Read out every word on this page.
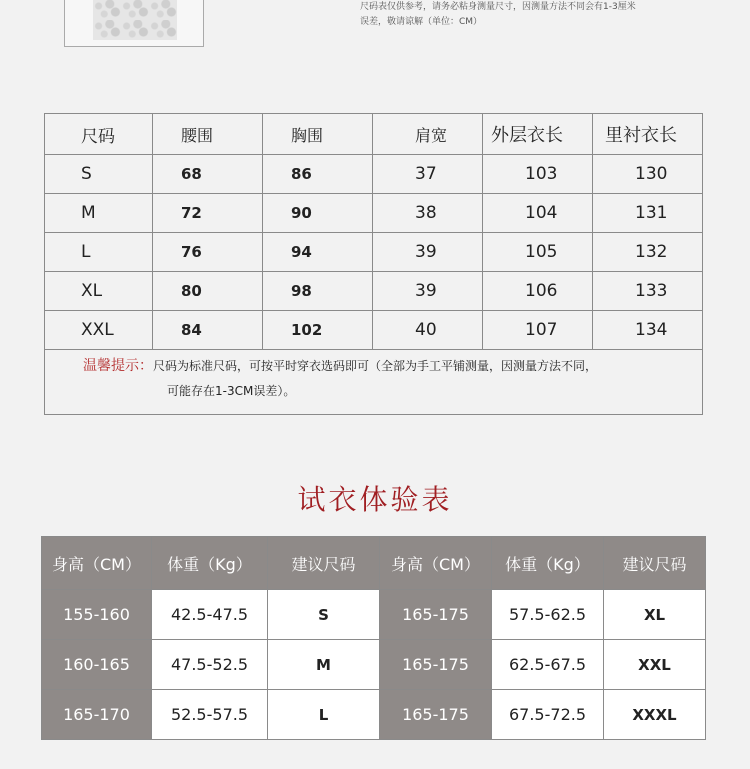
尺码表仅供参考，请务必粘身测量尺寸，因测量方法不同会有1-3厘米
误差，敬请谅解（单位：CM）
尺码	腰围	胸围	肩宽	外层衣长	里衬衣长
S	68	86	37	103	130
M	72	90	38	104	131
L	76	94	39	105	132
XL	80	98	39	106	133
XXL	84	102	40	107	134

温馨提示：尺码为标准尺码，可按平时穿衣选码即可（全部为手工平铺测量，因测量方法不同，
可能存在1-3CM误差）。					
试衣体验表
身高（CM）	体重（Kg）	建议尺码	身高（CM）	体重（Kg）	建议尺码
155-160	42.5-47.5	S	165-175	57.5-62.5	XL
160-165	47.5-52.5	M	165-175	62.5-67.5	XXL
165-170	52.5-57.5	L	165-175	67.5-72.5	XXXL
